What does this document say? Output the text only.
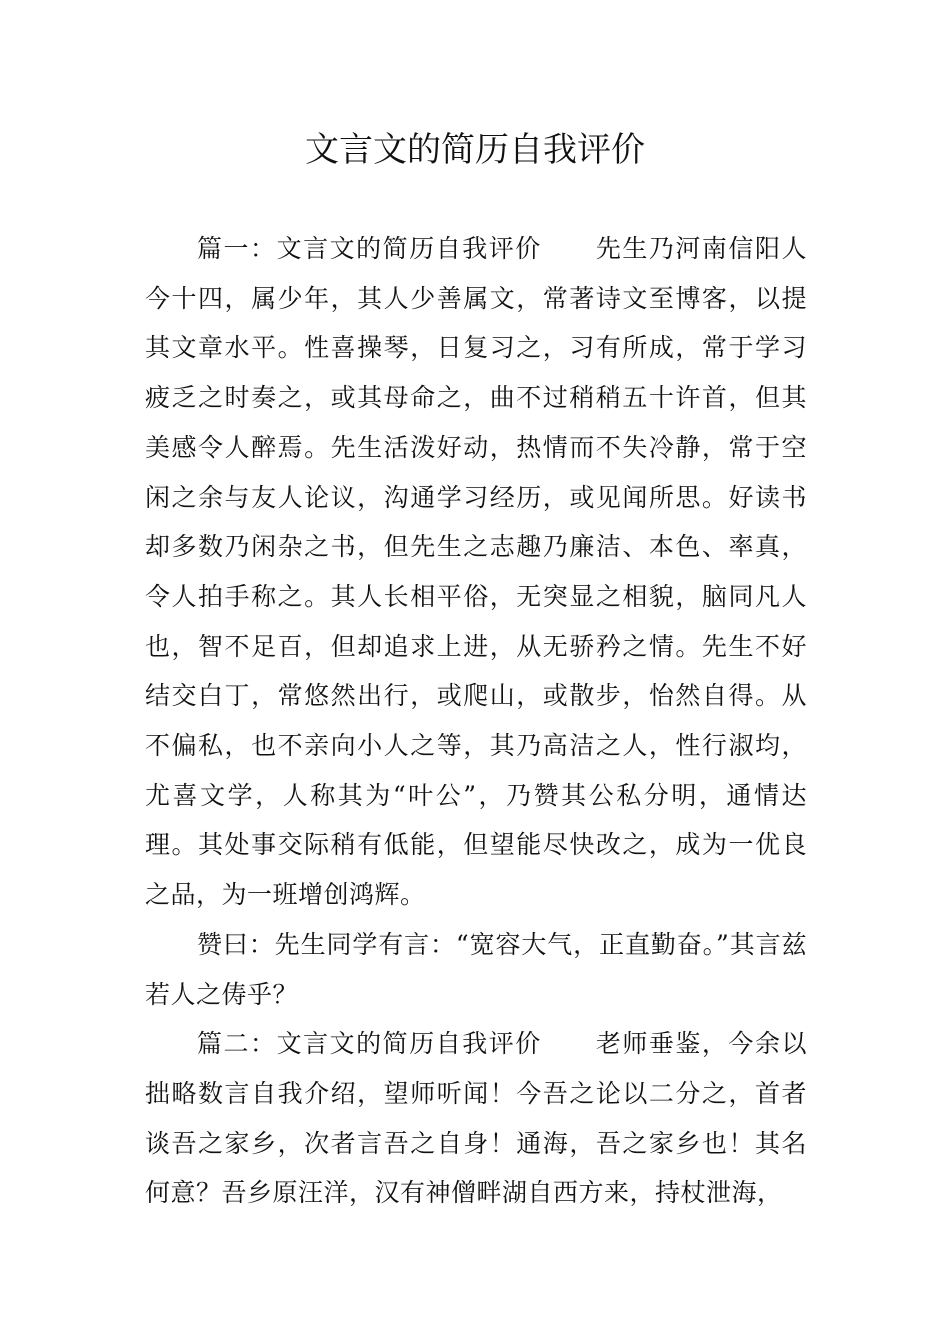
文言文的简历自我评价

篇一：文言文的简历自我评价 先生乃河南信阳人今十四，属少年，其人少善属文，常著诗文至博客，以提其文章水平。性喜操琴，日复习之，习有所成，常于学习疲乏之时奏之，或其母命之，曲不过稍稍五十许首，但其美感令人醉焉。先生活泼好动，热情而不失冷静，常于空闲之余与友人论议，沟通学习经历，或见闻所思。好读书却多数乃闲杂之书，但先生之志趣乃廉洁、本色、率真，令人拍手称之。其人长相平俗，无突显之相貌，脑同凡人也，智不足百，但却追求上进，从无骄矜之情。先生不好结交白丁，常悠然出行，或爬山，或散步，怡然自得。从不偏私，也不亲向小人之等，其乃高洁之人，性行淑均，尤喜文学，人称其为“叶公”，乃赞其公私分明，通情达理。其处事交际稍有低能，但望能尽快改之，成为一优良之品，为一班增创鸿辉。

赞曰：先生同学有言：“宽容大气，正直勤奋。”其言兹若人之俦乎？

篇二：文言文的简历自我评价 老师垂鉴，今余以拙略数言自我介绍，望师听闻！今吾之论以二分之，首者谈吾之家乡，次者言吾之自身！通海，吾之家乡也！其名何意？吾乡原汪洋，汉有神僧畔湖自西方来，持杖泄海，
